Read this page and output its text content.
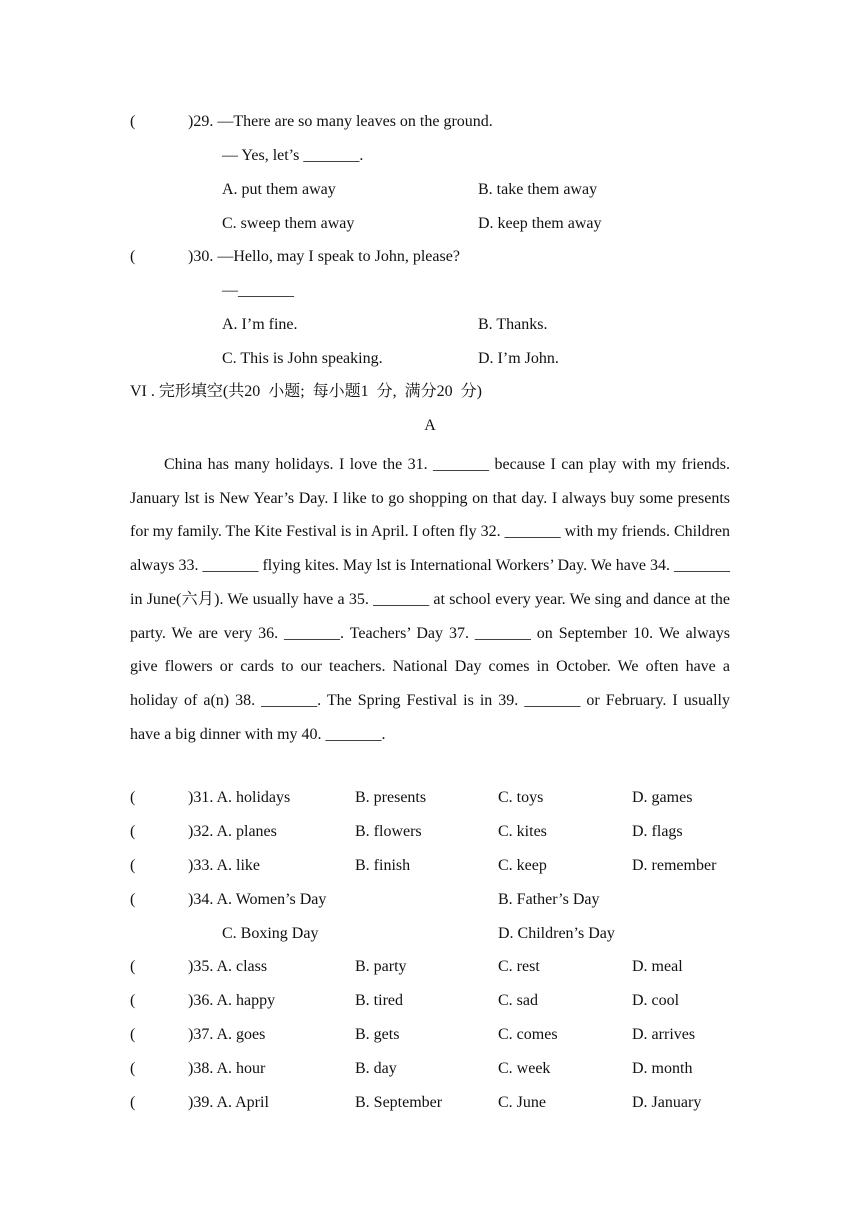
(	)29. —There are so many leaves on the ground.
— Yes, let’s _______.
A. put them away	B. take them away
C. sweep them away	D. keep them away
(	)30. —Hello, may I speak to John, please?
—_______
A. I’m fine.	B. Thanks.
C. This is John speaking.	D. I’m John.
VI . 完形填空(共20  小题;  每小题1  分,  满分20  分)
A

China has many holidays. I love the 31. _______ because I can play with my friends. January lst is New Year’s Day. I like to go shopping on that day. I always buy some presents for my family. The Kite Festival is in April. I often fly 32. _______ with my friends. Children always 33. _______ flying kites. May lst is International Workers’ Day. We have 34. _______ in June(六月). We usually have a 35. _______ at school every year. We sing and dance at the party. We are very 36. _______. Teachers’ Day 37. _______ on September 10. We always give flowers or cards to our teachers. National Day comes in October. We often have a holiday of a(n) 38. _______. The Spring Festival is in 39. _______ or February. I usually have a big dinner with my 40. _______.

(	)31. A. holidays	B. presents	C. toys	D. games
(	)32. A. planes	B. flowers	C. kites	D. flags
(	)33. A. like	B. finish	C. keep	D. remember
(	)34. A. Women’s Day	B. Father’s Day
C. Boxing Day	D. Children’s Day
(	)35. A. class	B. party	C. rest	D. meal
(	)36. A. happy	B. tired	C. sad	D. cool
(	)37. A. goes	B. gets	C. comes	D. arrives
(	)38. A. hour	B. day	C. week	D. month
(	)39. A. April	B. September	C. June	D. January
